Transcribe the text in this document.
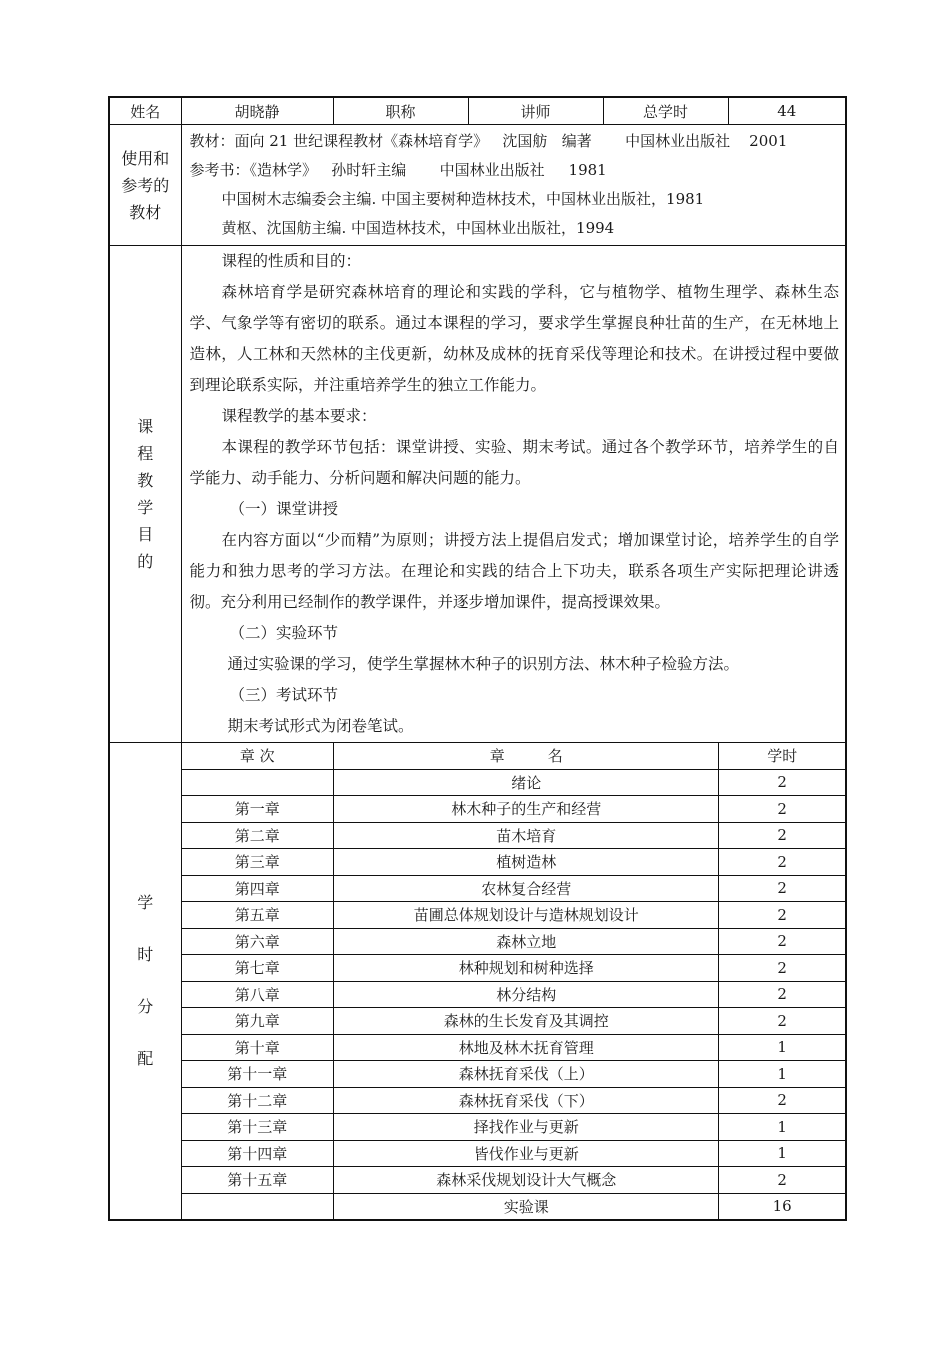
姓名	胡晓静	职称	讲师	总学时	44

使用和
参考的
教材

教材：面向 21 世纪课程教材《森林培育学》   沈国舫   编著       中国林业出版社    2001

参考书：《造林学》   孙时轩主编       中国林业出版社     1981

中国树木志编委会主编. 中国主要树种造林技术，中国林业出版社，1981

黄枢、沈国舫主编. 中国造林技术，中国林业出版社，1994

课
程
教
学
目
的

课程的性质和目的：

森林培育学是研究森林培育的理论和实践的学科，它与植物学、植物生理学、森林生态学、气象学等有密切的联系。通过本课程的学习，要求学生掌握良种壮苗的生产，在无林地上造林，人工林和天然林的主伐更新，幼林及成林的抚育采伐等理论和技术。在讲授过程中要做到理论联系实际，并注重培养学生的独立工作能力。

课程教学的基本要求：

本课程的教学环节包括：课堂讲授、实验、期末考试。通过各个教学环节，培养学生的自学能力、动手能力、分析问题和解决问题的能力。

（一）课堂讲授

在内容方面以“少而精”为原则；讲授方法上提倡启发式；增加课堂讨论，培养学生的自学能力和独力思考的学习方法。在理论和实践的结合上下功夫，联系各项生产实际把理论讲透彻。充分利用已经制作的教学课件，并逐步增加课件，提高授课效果。

（二）实验环节

通过实验课的学习，使学生掌握林木种子的识别方法、林木种子检验方法。

（三）考试环节

期末考试形式为闭卷笔试。

学
时
分
配

章 次	章         名	学时
	绪论	2
第一章	林木种子的生产和经营	2
第二章	苗木培育	2
第三章	植树造林	2
第四章	农林复合经营	2
第五章	苗圃总体规划设计与造林规划设计	2
第六章	森林立地	2
第七章	林种规划和树种选择	2
第八章	林分结构	2
第九章	森林的生长发育及其调控	2
第十章	林地及林木抚育管理	1
第十一章	森林抚育采伐（上）	1
第十二章	森林抚育采伐（下）	2
第十三章	择找作业与更新	1
第十四章	皆伐作业与更新	1
第十五章	森林采伐规划设计大气概念	2
	实验课	16
